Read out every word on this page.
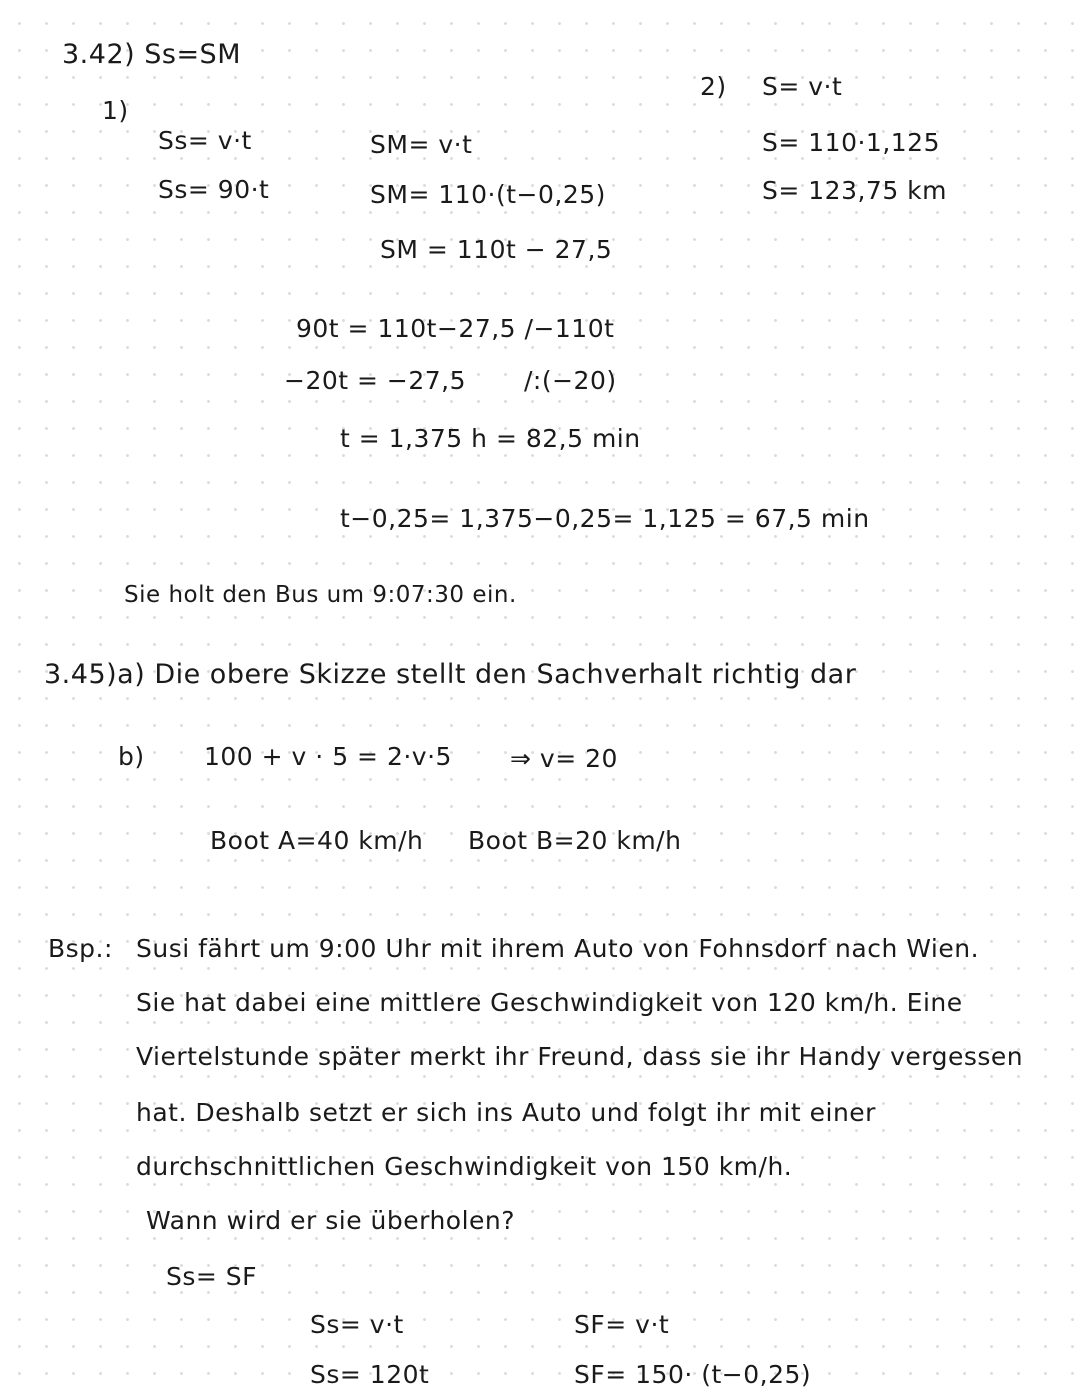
3.42) Ss=SM
1)
Ss= v·t
Ss= 90·t
SM= v·t
SM= 110·(t−0,25)
SM = 110t − 27,5
2) S= v·t
S= 110·1,125
S= 123,75 km
90t = 110t−27,5 /−110t
−20t = −27,5 /:(−20)
t = 1,375 h = 82,5 min
t−0,25= 1,375−0,25= 1,125 = 67,5 min
Sie holt den Bus um 9:07:30 ein.
3.45)a) Die obere Skizze stellt den Sachverhalt richtig dar
b) 100 + v · 5 = 2·v·5 ⇒ v= 20
Boot A=40 km/h Boot B=20 km/h
Bsp.: Susi fährt um 9:00 Uhr mit ihrem Auto von Fohnsdorf nach Wien.
Sie hat dabei eine mittlere Geschwindigkeit von 120 km/h. Eine
Viertelstunde später merkt ihr Freund, dass sie ihr Handy vergessen
hat. Deshalb setzt er sich ins Auto und folgt ihr mit einer
durchschnittlichen Geschwindigkeit von 150 km/h.
Wann wird er sie überholen?
Ss= SF
Ss= v·t
Ss= 120t
SF= v·t
SF= 150· (t−0,25)
